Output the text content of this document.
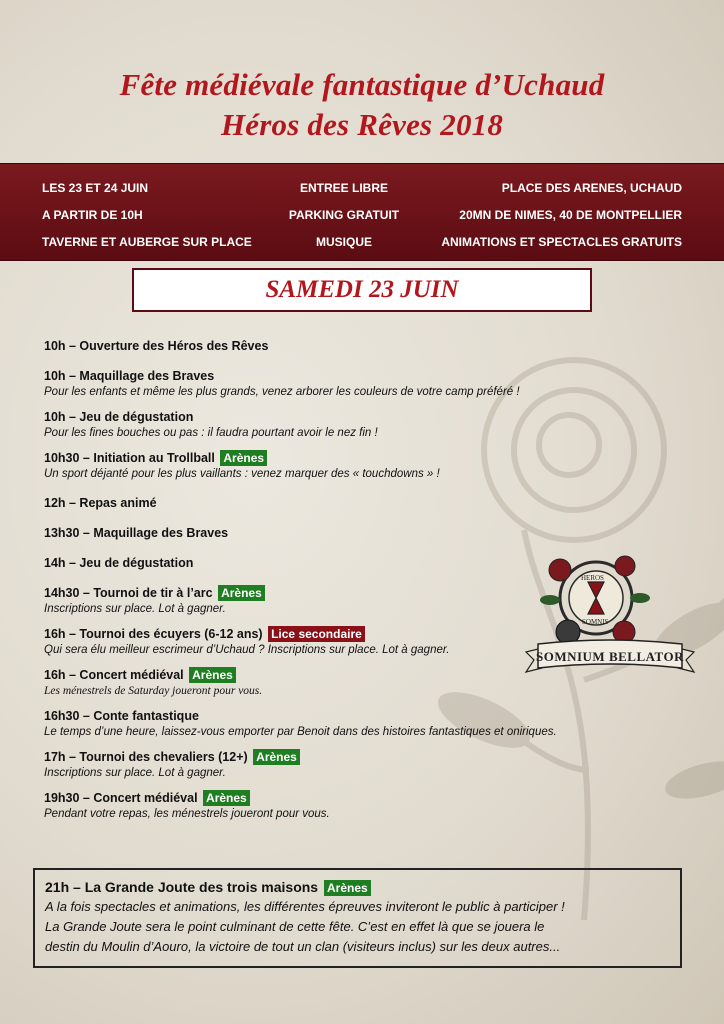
Fête médiévale fantastique d’Uchaud
Héros des Rêves 2018
LES 23 ET 24 JUIN	ENTREE LIBRE	PLACE DES ARENES, UCHAUD
A PARTIR DE 10H	PARKING GRATUIT	20MN DE NIMES, 40 DE MONTPELLIER
TAVERNE ET AUBERGE SUR PLACE	MUSIQUE	ANIMATIONS ET SPECTACLES GRATUITS
SAMEDI 23 JUIN
10h – Ouverture des Héros des Rêves
10h – Maquillage des Braves
Pour les enfants et même les plus grands, venez arborer les couleurs de votre camp préféré !
10h – Jeu de dégustation
Pour les fines bouches ou pas : il faudra pourtant avoir le nez fin !
10h30 – Initiation au Trollball Arènes
Un sport déjanté pour les plus vaillants : venez marquer des « touchdowns » !
12h – Repas animé
13h30 – Maquillage des Braves
14h – Jeu de dégustation
14h30 – Tournoi de tir à l’arc Arènes
Inscriptions sur place. Lot à gagner.
16h – Tournoi des écuyers (6-12 ans) Lice secondaire
Qui sera élu meilleur escrimeur d’Uchaud ? Inscriptions sur place. Lot à gagner.
16h – Concert médiéval Arènes
Les ménestrels de Saturday joueront pour vous.
16h30 – Conte fantastique
Le temps d’une heure, laissez-vous emporter par Benoit dans des histoires fantastiques et oniriques.
17h – Tournoi des chevaliers (12+) Arènes
Inscriptions sur place. Lot à gagner.
19h30 – Concert médiéval Arènes
Pendant votre repas, les ménestrels joueront pour vous.
HEROS
SOMNIS
SOMNIUM BELLATOR
21h – La Grande Joute des trois maisons Arènes
A la fois spectacles et animations, les différentes épreuves inviteront le public à participer !
La Grande Joute sera le point culminant de cette fête. C’est en effet là que se jouera le
destin du Moulin d’Aouro, la victoire de tout un clan (visiteurs inclus) sur les deux autres...
